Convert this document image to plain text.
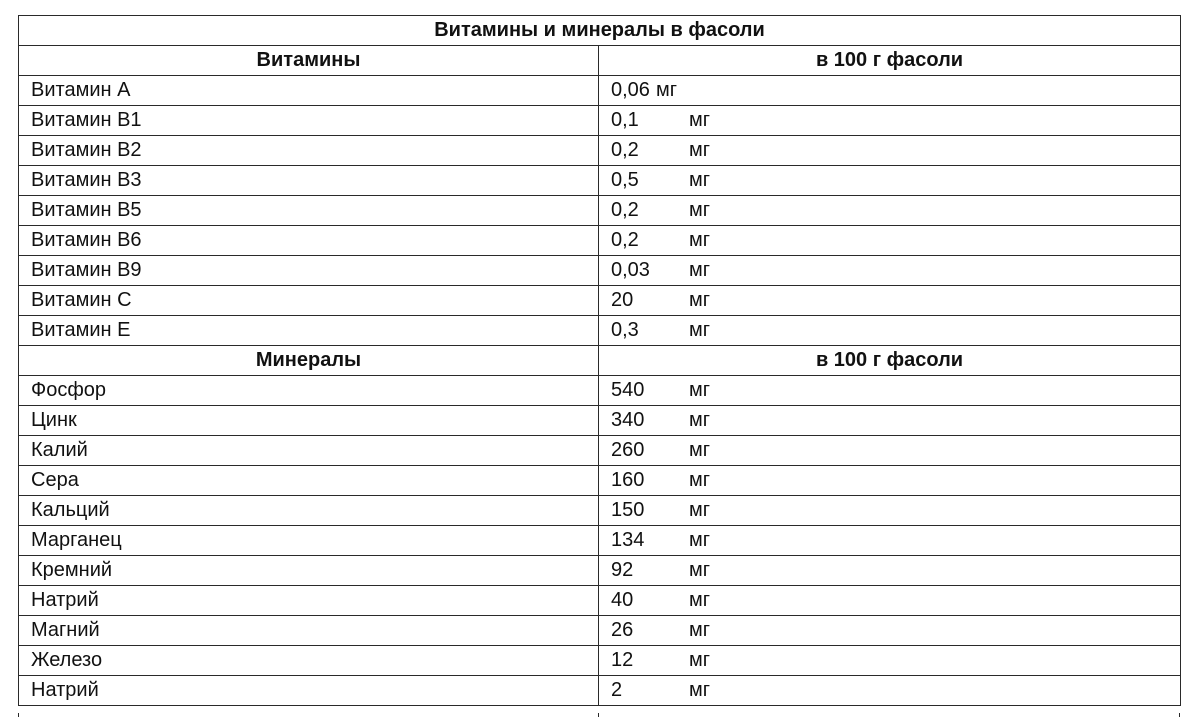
Витамины и минералы в фасоли	
Витамины	в 100 г фасоли
Витамин А	0,06 мг
Витамин В1	0,1 мг
Витамин В2	0,2 мг
Витамин В3	0,5 мг
Витамин В5	0,2 мг
Витамин В6	0,2 мг
Витамин В9	0,03 мг
Витамин С	20 мг
Витамин Е	0,3 мг
Минералы	в 100 г фасоли
Фосфор	540 мг
Цинк	340 мг
Калий	260 мг
Сера	160 мг
Кальций	150 мг
Марганец	134 мг
Кремний	92 мг
Натрий	40 мг
Магний	26 мг
Железо	12 мг
Натрий	2 мг
